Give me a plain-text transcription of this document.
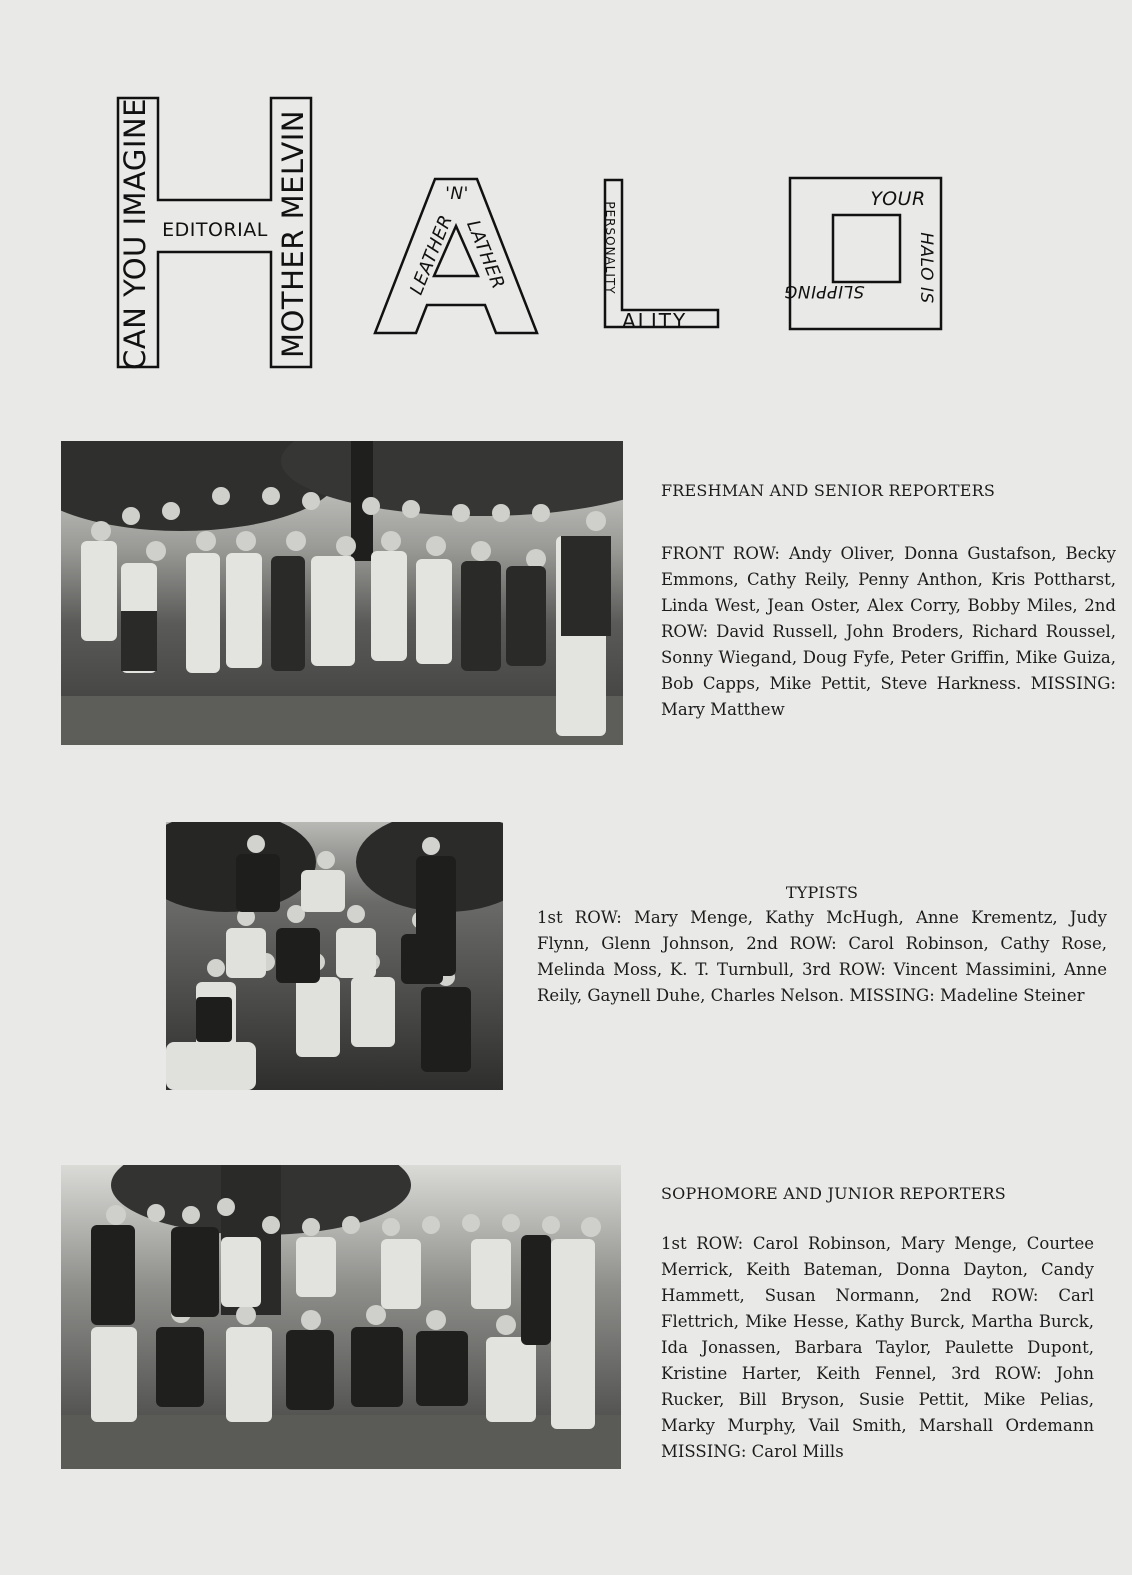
CAN YOU IMAGINE EDITORIAL MOTHER MELVIN	LEATHER
'N'
LATHER	PERSONALITY
ALITY
YOUR
HALO IS
SLIPPING
FRESHMAN AND SENIOR REPORTERS
FRONT ROW: Andy Oliver, Donna Gustafson, Becky Emmons, Cathy Reily, Penny Anthon, Kris Pottharst, Linda West, Jean Oster, Alex Corry, Bobby Miles, 2nd ROW: David Russell, John Broders, Richard Roussel, Sonny Wiegand, Doug Fyfe, Peter Griffin, Mike Guiza, Bob Capps, Mike Pettit, Steve Harkness. MISSING: Mary Matthew
TYPISTS
1st ROW: Mary Menge, Kathy McHugh, Anne Krementz, Judy Flynn, Glenn Johnson, 2nd ROW: Carol Robinson, Cathy Rose, Melinda Moss, K. T. Turnbull, 3rd ROW: Vincent Massimini, Anne Reily, Gaynell Duhe, Charles Nelson. MISSING: Madeline Steiner
SOPHOMORE AND JUNIOR REPORTERS
1st ROW: Carol Robinson, Mary Menge, Courtee Merrick, Keith Bateman, Donna Dayton, Candy Hammett, Susan Normann, 2nd ROW: Carl Flettrich, Mike Hesse, Kathy Burck, Martha Burck, Ida Jonassen, Barbara Taylor, Paulette Dupont, Kristine Harter, Keith Fennel, 3rd ROW: John Rucker, Bill Bryson, Susie Pettit, Mike Pelias, Marky Murphy, Vail Smith, Marshall Ordemann MISSING: Carol Mills
